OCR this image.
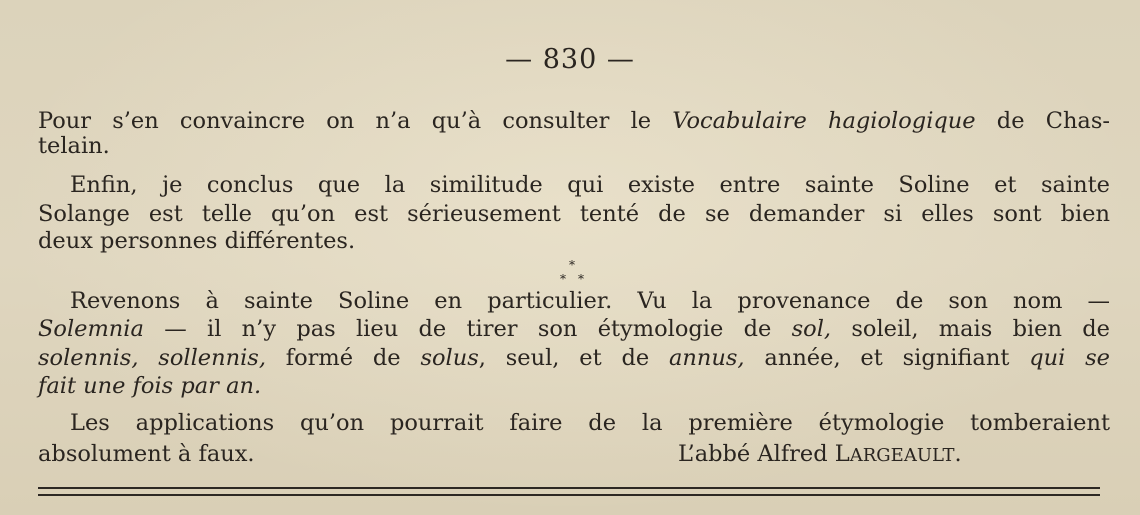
— 830 —
Pour s’en convaincre on n’a qu’à consulter le Vocabulaire hagiologique de Chas-
telain.
Enfin, je conclus que la similitude qui existe entre sainte Soline et sainte
Solange est telle qu’on est sérieusement tenté de se demander si elles sont bien
deux personnes différentes.
*
* *
Revenons à sainte Soline en particulier. Vu la provenance de son nom —
Solemnia — il n’y pas lieu de tirer son étymologie de sol, soleil, mais bien de
solennis, sollennis, formé de solus, seul, et de annus, année, et signifiant qui se
fait une fois par an.
Les applications qu’on pourrait faire de la première étymologie tomberaient
absolument à faux.	L’abbé Alfred LARGEAULT.
